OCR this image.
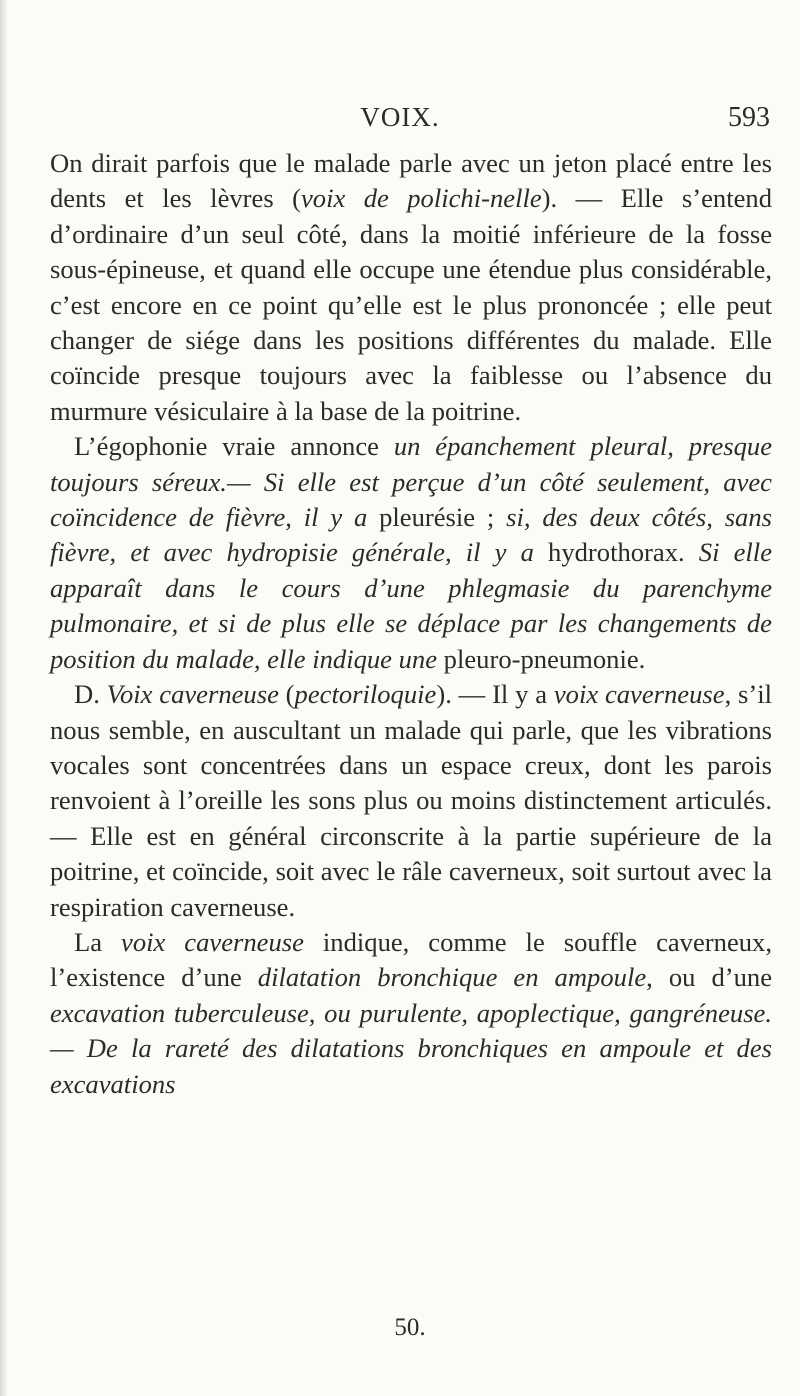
VOIX.	593

On dirait parfois que le malade parle avec un jeton placé entre les dents et les lèvres (voix de polichi-nelle). — Elle s’entend d’ordinaire d’un seul côté, dans la moitié inférieure de la fosse sous-épineuse, et quand elle occupe une étendue plus considérable, c’est encore en ce point qu’elle est le plus prononcée ; elle peut changer de siége dans les positions différentes du malade. Elle coïncide presque toujours avec la faiblesse ou l’absence du murmure vésiculaire à la base de la poitrine.

L’égophonie vraie annonce un épanchement pleural, presque toujours séreux.— Si elle est perçue d’un côté seulement, avec coïncidence de fièvre, il y a pleurésie ; si, des deux côtés, sans fièvre, et avec hydropisie générale, il y a hydrothorax. Si elle apparaît dans le cours d’une phlegmasie du parenchyme pulmonaire, et si de plus elle se déplace par les changements de position du malade, elle indique une pleuro-pneumonie.

D. Voix caverneuse (pectoriloquie). — Il y a voix caverneuse, s’il nous semble, en auscultant un malade qui parle, que les vibrations vocales sont concentrées dans un espace creux, dont les parois renvoient à l’oreille les sons plus ou moins distinctement articulés. — Elle est en général circonscrite à la partie supérieure de la poitrine, et coïncide, soit avec le râle caverneux, soit surtout avec la respiration caverneuse.

La voix caverneuse indique, comme le souffle caverneux, l’existence d’une dilatation bronchique en ampoule, ou d’une excavation tuberculeuse, ou purulente, apoplectique, gangréneuse.— De la rareté des dilatations bronchiques en ampoule et des excavations

50.
